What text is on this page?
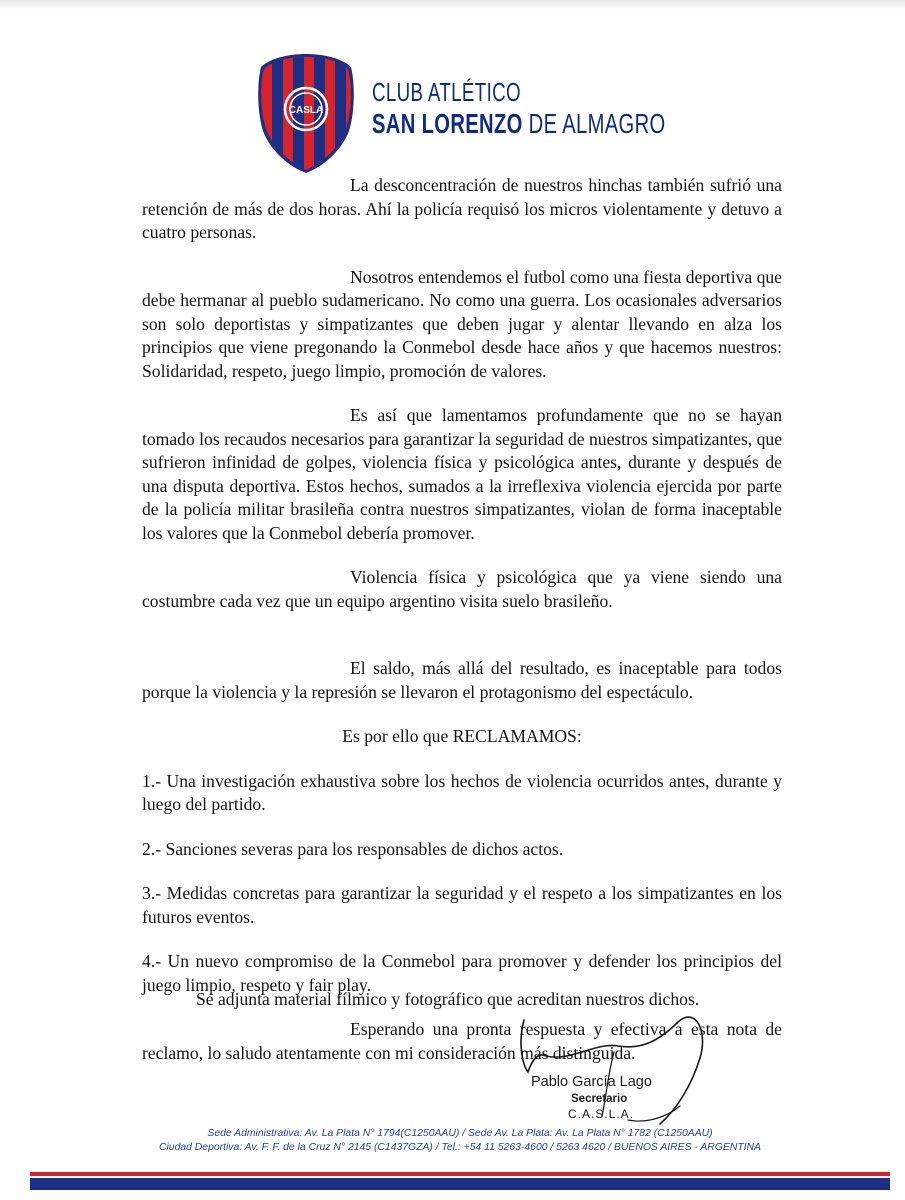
CASLA
CLUB ATLÉTICO
SAN LORENZO DE ALMAGRO

La desconcentración de nuestros hinchas también sufrió una retención de más de dos horas. Ahí la policía requisó los micros violentamente y detuvo a cuatro personas.

Nosotros entendemos el futbol como una fiesta deportiva que debe hermanar al pueblo sudamericano. No como una guerra. Los ocasionales adversarios son solo deportistas y simpatizantes que deben jugar y alentar llevando en alza los principios que viene pregonando la Conmebol desde hace años y que hacemos nuestros: Solidaridad, respeto, juego limpio, promoción de valores.

Es así que lamentamos profundamente que no se hayan tomado los recaudos necesarios para garantizar la seguridad de nuestros simpatizantes, que sufrieron infinidad de golpes, violencia física y psicológica antes, durante y después de una disputa deportiva. Estos hechos, sumados a la irreflexiva violencia ejercida por parte de la policía militar brasileña contra nuestros simpatizantes, violan de forma inaceptable los valores que la Conmebol debería promover.

Violencia física y psicológica que ya viene siendo una costumbre cada vez que un equipo argentino visita suelo brasileño.

El saldo, más allá del resultado, es inaceptable para todos porque la violencia y la represión se llevaron el protagonismo del espectáculo.

Es por ello que RECLAMAMOS:

1.- Una investigación exhaustiva sobre los hechos de violencia ocurridos antes, durante y luego del partido.

2.- Sanciones severas para los responsables de dichos actos.

3.- Medidas concretas para garantizar la seguridad y el respeto a los simpatizantes en los futuros eventos.

4.- Un nuevo compromiso de la Conmebol para promover y defender los principios del juego limpio, respeto y fair play.

Esperando una pronta respuesta y efectiva a esta nota de reclamo, lo saludo atentamente con mi consideración más distinguida.

Se adjunta material fílmico y fotográfico que acreditan nuestros dichos.
Pablo García Lago
Secretario
C.A.S.L.A.
Sede Administrativa: Av. La Plata N° 1794(C1250AAU) / Sede Av. La Plata: Av. La Plata N° 1782 (C1250AAU)
Ciudad Deportiva: Av. F. F. de la Cruz N° 2145 (C1437GZA) / Tel.: +54 11 5263-4600 / 5263 4620 / BUENOS AIRES - ARGENTINA
